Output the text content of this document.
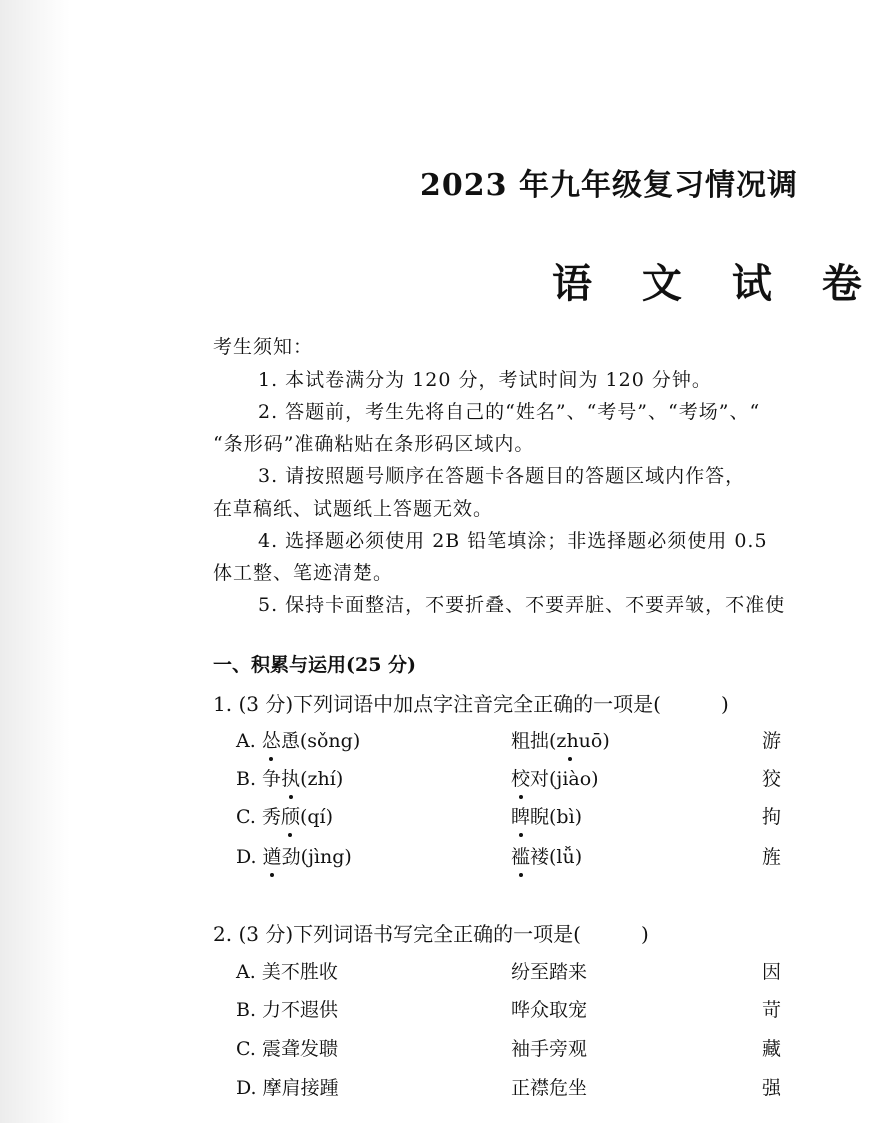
2023 年九年级复习情况调
语 文 试 卷
考生须知：
1. 本试卷满分为 120 分，考试时间为 120 分钟。
2. 答题前，考生先将自己的“姓名”、“考号”、“考场”、“
“条形码”准确粘贴在条形码区域内。
3. 请按照题号顺序在答题卡各题目的答题区域内作答，
在草稿纸、试题纸上答题无效。
4. 选择题必须使用 2B 铅笔填涂；非选择题必须使用 0.5
体工整、笔迹清楚。
5. 保持卡面整洁，不要折叠、不要弄脏、不要弄皱，不准使
一、积累与运用(25 分)
1. (3 分)下列词语中加点字注音完全正确的一项是(	)
A. 怂恿(sǒng)	粗拙(zhuō)	游
B. 争执(zhí)	校对(jiào)	狡
C. 秀颀(qí)	睥睨(bì)	拘
D. 遒劲(jìng)	褴褛(lǚ)	旌
2. (3 分)下列词语书写完全正确的一项是(	)
A. 美不胜收	纷至踏来	因
B. 力不遐供	哗众取宠	苛
C. 震聋发聩	袖手旁观	藏
D. 摩肩接踵	正襟危坐	强
